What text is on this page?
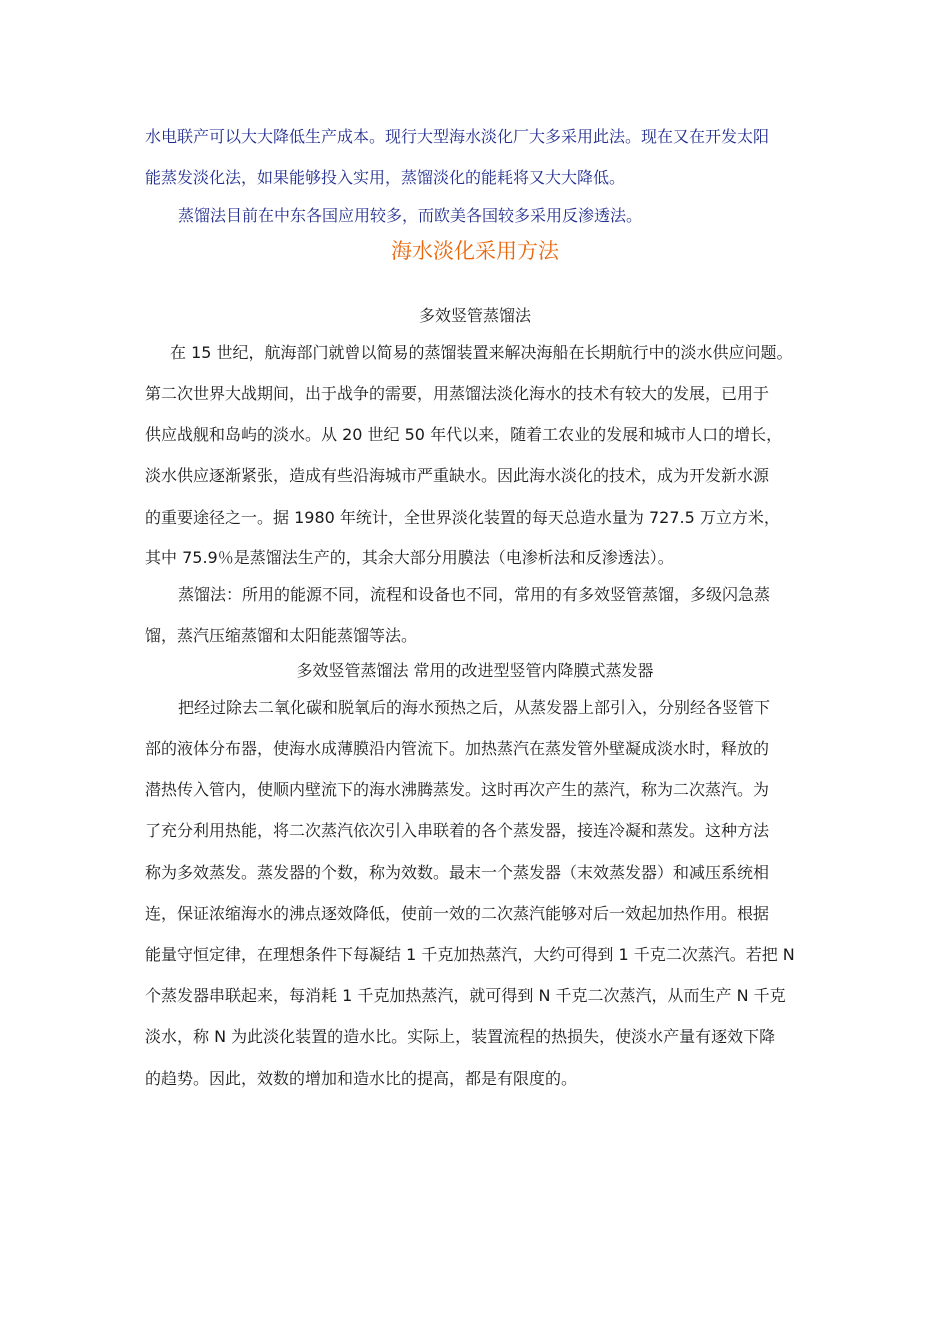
水电联产可以大大降低生产成本。现行大型海水淡化厂大多采用此法。现在又在开发太阳
能蒸发淡化法，如果能够投入实用，蒸馏淡化的能耗将又大大降低。
蒸馏法目前在中东各国应用较多，而欧美各国较多采用反渗透法。
海水淡化采用方法
多效竖管蒸馏法
在 15 世纪，航海部门就曾以简易的蒸馏装置来解决海船在长期航行中的淡水供应问题。
第二次世界大战期间，出于战争的需要，用蒸馏法淡化海水的技术有较大的发展，已用于
供应战舰和岛屿的淡水。从 20 世纪 50 年代以来，随着工农业的发展和城市人口的增长，
淡水供应逐渐紧张，造成有些沿海城市严重缺水。因此海水淡化的技术，成为开发新水源
的重要途径之一。据 1980 年统计，全世界淡化装置的每天总造水量为 727.5 万立方米，
其中 75.9％是蒸馏法生产的，其余大部分用膜法（电渗析法和反渗透法）。
蒸馏法：所用的能源不同，流程和设备也不同，常用的有多效竖管蒸馏，多级闪急蒸
馏，蒸汽压缩蒸馏和太阳能蒸馏等法。
多效竖管蒸馏法 常用的改进型竖管内降膜式蒸发器
把经过除去二氧化碳和脱氧后的海水预热之后，从蒸发器上部引入，分别经各竖管下
部的液体分布器，使海水成薄膜沿内管流下。加热蒸汽在蒸发管外壁凝成淡水时，释放的
潜热传入管内，使顺内壁流下的海水沸腾蒸发。这时再次产生的蒸汽，称为二次蒸汽。为
了充分利用热能，将二次蒸汽依次引入串联着的各个蒸发器，接连冷凝和蒸发。这种方法
称为多效蒸发。蒸发器的个数，称为效数。最末一个蒸发器（末效蒸发器）和减压系统相
连，保证浓缩海水的沸点逐效降低，使前一效的二次蒸汽能够对后一效起加热作用。根据
能量守恒定律，在理想条件下每凝结 1 千克加热蒸汽，大约可得到 1 千克二次蒸汽。若把 N
个蒸发器串联起来，每消耗 1 千克加热蒸汽，就可得到 N 千克二次蒸汽，从而生产 N 千克
淡水，称 N 为此淡化装置的造水比。实际上，装置流程的热损失，使淡水产量有逐效下降
的趋势。因此，效数的增加和造水比的提高，都是有限度的。
